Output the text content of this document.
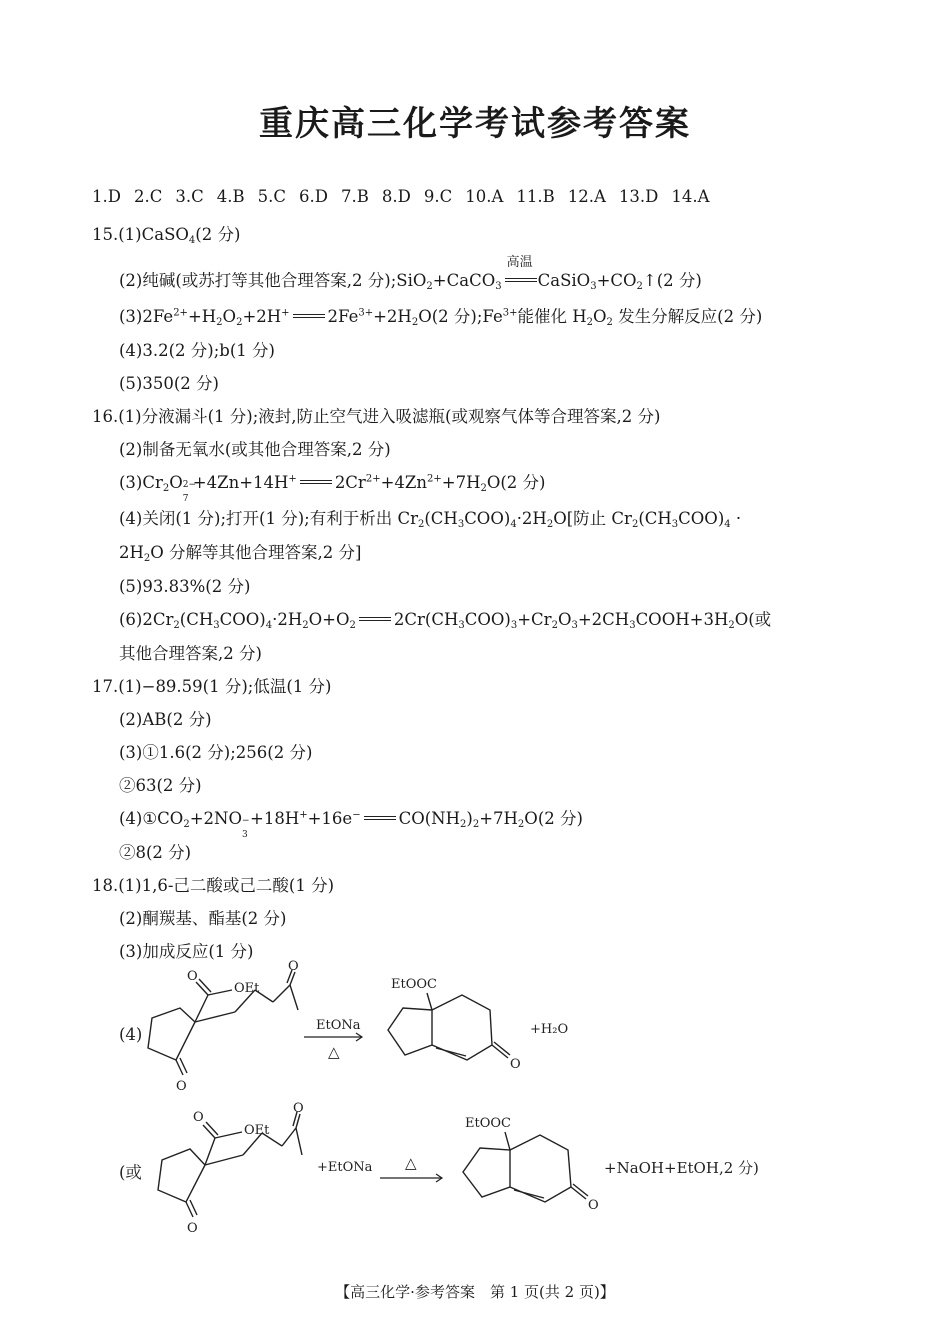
重庆高三化学考试参考答案
1.D 2.C 3.C 4.B 5.C 6.D 7.B 8.D 9.C 10.A 11.B 12.A 13.D 14.A
15.(1)CaSO$_4$(2 分)
(2)纯碱(或苏打等其他合理答案,2 分);SiO$_2$+CaCO$_3$
高温
$CaSiO_3+CO_2↑(2$ 分)
$(3)2Fe^{2+}+H_2O_2+2H^+$ $2Fe^{3+}+2H_2O(2$ 分)$;Fe^{3+}$能催化 $H_2O_2$ 发生分解反应(2 分)
(4)3.2(2 分);b(1 分)
(5)350(2 分)
16.(1)分液漏斗(1 分);液封,防止空气进入吸滤瓶(或观察气体等合理答案,2 分)
(2)制备无氧水(或其他合理答案,2 分)
$(3)Cr_2O$ 2−
7
+4Zn+14H+ $2Cr^{2+}+4Zn^{2+}+7H_2O(2$ 分)
(4)关闭(1 分);打开(1 分);有利于析出 $Cr_2(CH_3COO)_4\cdot 2H_2O$[防止 $Cr_2(CH_3COO)_4$ ·
$2H_2O$ 分解等其他合理答案,2 分]
(5)93.83%(2 分)
$(6)2Cr_2(CH_3COO)_4\cdot 2H_2O+O_2$ $2Cr(CH_3COO)_3+Cr_2O_3+2CH_3COOH+3H_2O$(或
其他合理答案,2 分)
17.(1)−89.59(1 分);低温(1 分)
(2)AB(2 分)
(3)①1.6(2 分);256(2 分)
②63(2 分)
$(4)①CO_2+2NO$ −
3
+18H++16e− $CO(NH_2)_2+7H_2O(2$ 分)
②8(2 分)
18.(1)1,6-己二酸或己二酸(1 分)
(2)酮羰基、酯基(2 分)
(3)加成反应(1 分)
(4)
(或
O
OEt
O
O
EtONa
△
EtOOC
O
+H₂O
O
OEt
O
O
+EtONa △
EtOOC
O
+NaOH+EtOH,2 分)
【高三化学·参考答案　第 1 页(共 2 页)】
